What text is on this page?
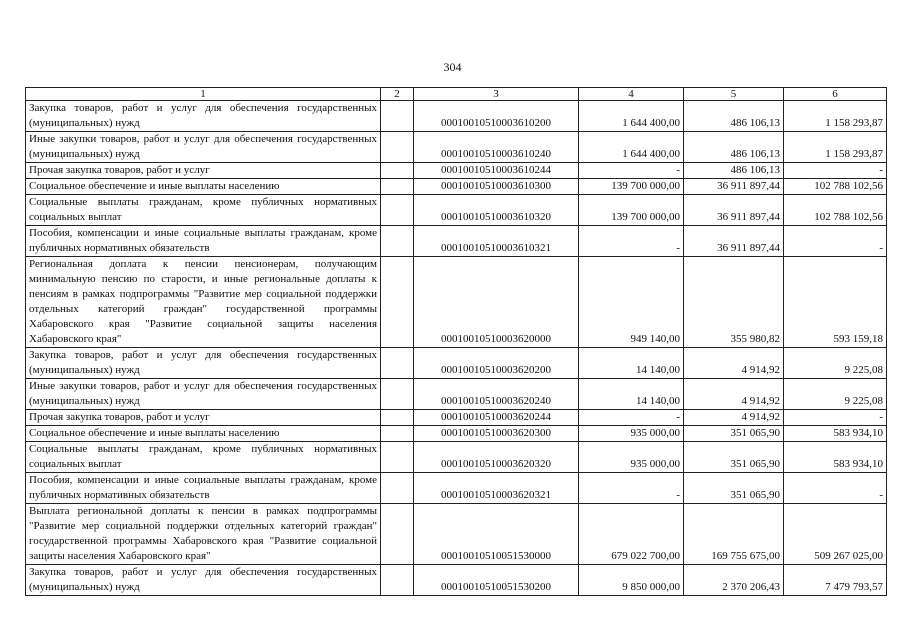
304
1	2	3	4	5	6
Закупка товаров, работ и услуг для обеспечения государственных (муниципальных) нужд		00010010510003610200	1 644 400,00	486 106,13	1 158 293,87
Иные закупки товаров, работ и услуг для обеспечения государственных (муниципальных) нужд		00010010510003610240	1 644 400,00	486 106,13	1 158 293,87
Прочая закупка товаров, работ и услуг		00010010510003610244	-	486 106,13	-
Социальное обеспечение и иные выплаты населению		00010010510003610300	139 700 000,00	36 911 897,44	102 788 102,56
Социальные выплаты гражданам, кроме публичных нормативных социальных выплат		00010010510003610320	139 700 000,00	36 911 897,44	102 788 102,56
Пособия, компенсации и иные социальные выплаты гражданам, кроме публичных нормативных обязательств		00010010510003610321	-	36 911 897,44	-
Региональная доплата к пенсии пенсионерам, получающим минимальную пенсию по старости, и иные региональные доплаты к пенсиям в рамках подпрограммы "Развитие мер социальной поддержки отдельных категорий граждан" государственной программы Хабаровского края "Развитие социальной защиты населения Хабаровского края"		00010010510003620000	949 140,00	355 980,82	593 159,18
Закупка товаров, работ и услуг для обеспечения государственных (муниципальных) нужд		00010010510003620200	14 140,00	4 914,92	9 225,08
Иные закупки товаров, работ и услуг для обеспечения государственных (муниципальных) нужд		00010010510003620240	14 140,00	4 914,92	9 225,08
Прочая закупка товаров, работ и услуг		00010010510003620244	-	4 914,92	-
Социальное обеспечение и иные выплаты населению		00010010510003620300	935 000,00	351 065,90	583 934,10
Социальные выплаты гражданам, кроме публичных нормативных социальных выплат		00010010510003620320	935 000,00	351 065,90	583 934,10
Пособия, компенсации и иные социальные выплаты гражданам, кроме публичных нормативных обязательств		00010010510003620321	-	351 065,90	-
Выплата региональной доплаты к пенсии в рамках подпрограммы "Развитие мер социальной поддержки отдельных категорий граждан" государственной программы Хабаровского края "Развитие социальной защиты населения Хабаровского края"		00010010510051530000	679 022 700,00	169 755 675,00	509 267 025,00
Закупка товаров, работ и услуг для обеспечения государственных (муниципальных) нужд		00010010510051530200	9 850 000,00	2 370 206,43	7 479 793,57
